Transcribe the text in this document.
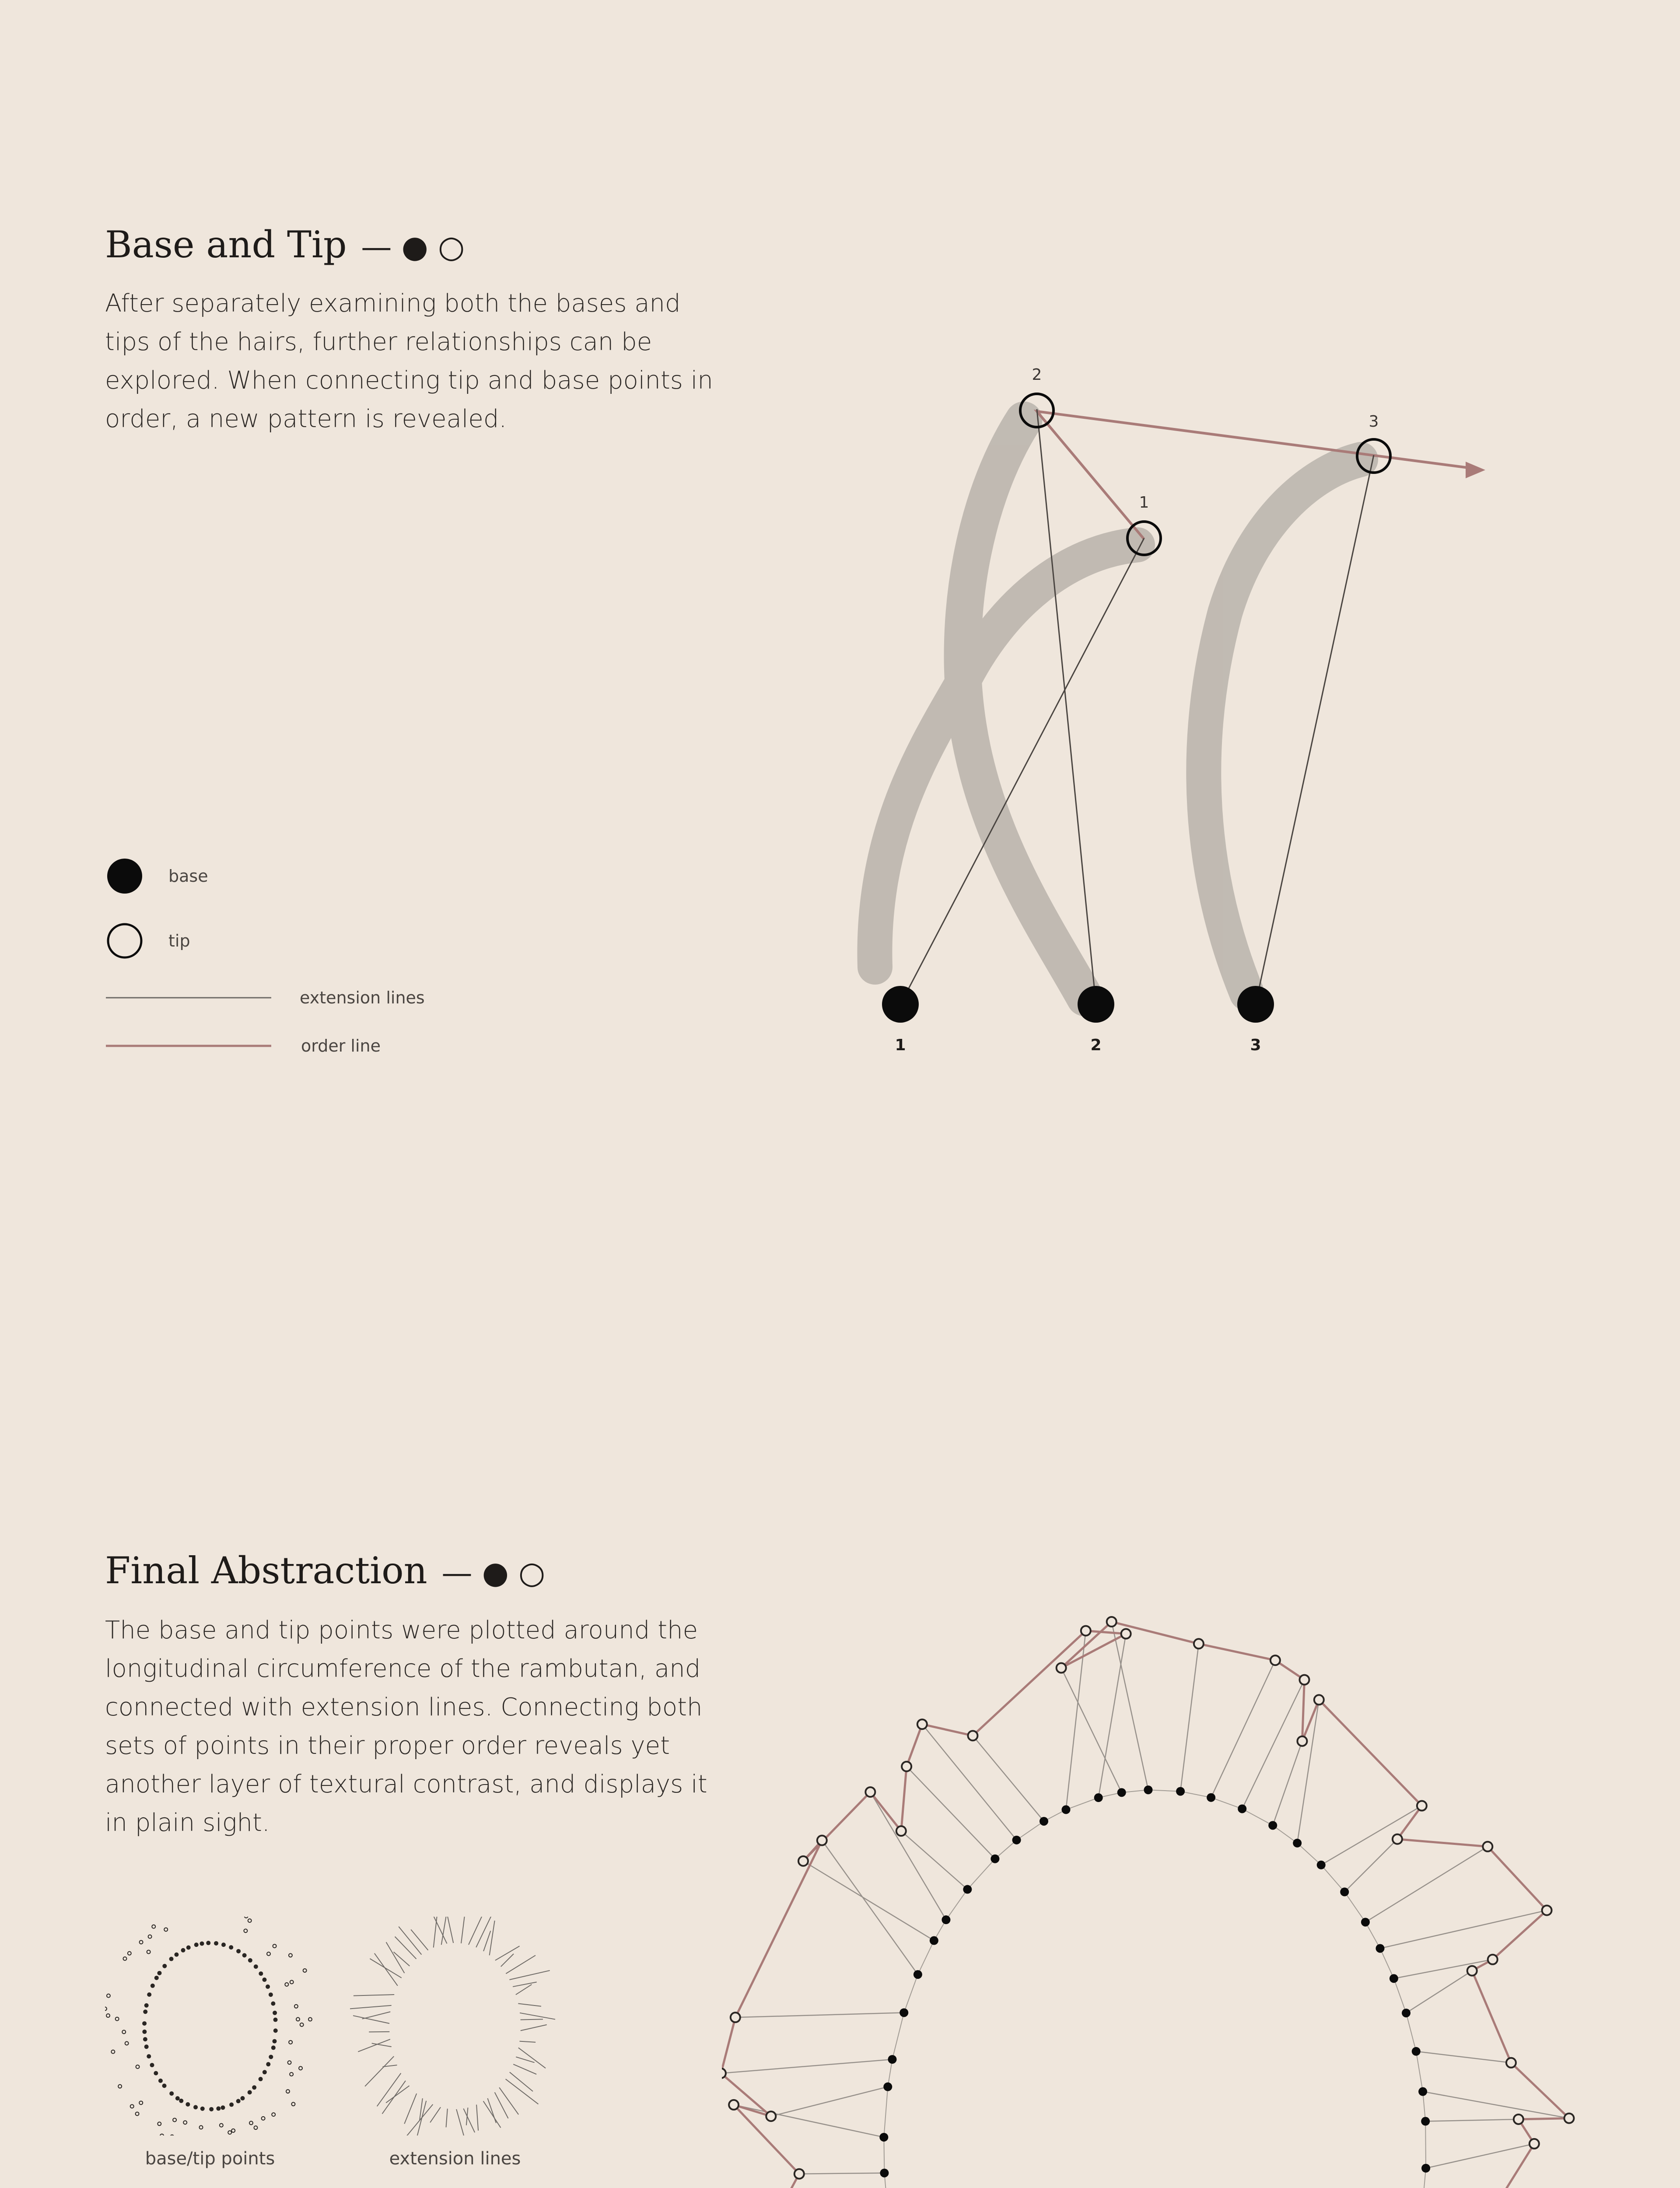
Base and Tip — ● ○

After separately examining both the bases and tips of the hairs, further relationships can be explored. When connecting tip and base points in order, a new pattern is revealed.

base
tip
extension lines
order line
2
1
3
1	2	3
Final Abstraction — ● ○

The base and tip points were plotted around the longitudinal circumference of the rambutan, and connected with extension lines. Connecting both sets of points in their proper order reveals yet another layer of textural contrast, and displays it in plain sight.

base/tip points	extension lines
